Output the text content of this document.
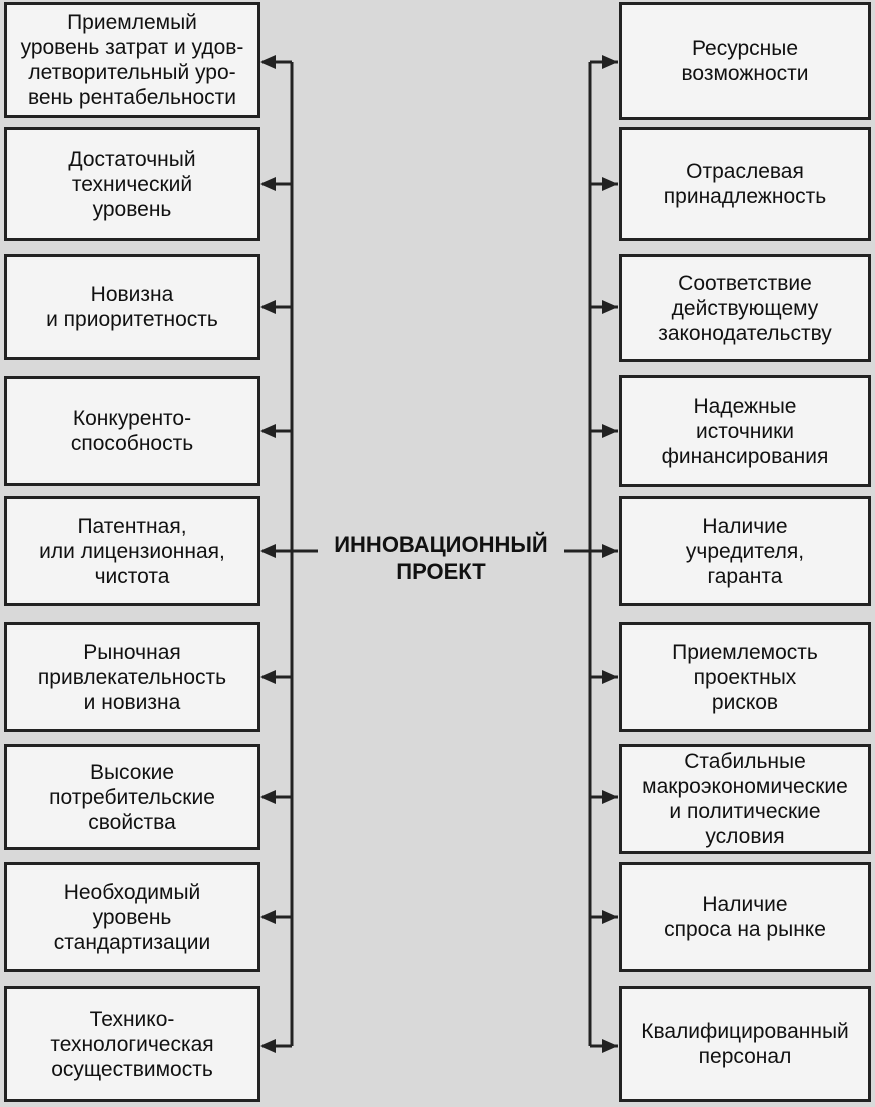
Приемлемый
уровень затрат и удов-
летворительный уро-
вень рентабельности
Достаточный
технический
уровень
Новизна
и приоритетность
Конкуренто-
способность
Патентная,
или лицензионная,
чистота
Рыночная
привлекательность
и новизна
Высокие
потребительские
свойства
Необходимый
уровень
стандартизации
Технико-
технологическая
осуществимость
Ресурсные
возможности
Отраслевая
принадлежность
Соответствие
действующему
законодательству
Надежные
источники
финансирования
Наличие
учредителя,
гаранта
Приемлемость
проектных
рисков
Стабильные
макроэкономические
и политические
условия
Наличие
спроса на рынке
Квалифицированный
персонал
ИННОВАЦИОННЫЙ
ПРОЕКТ
